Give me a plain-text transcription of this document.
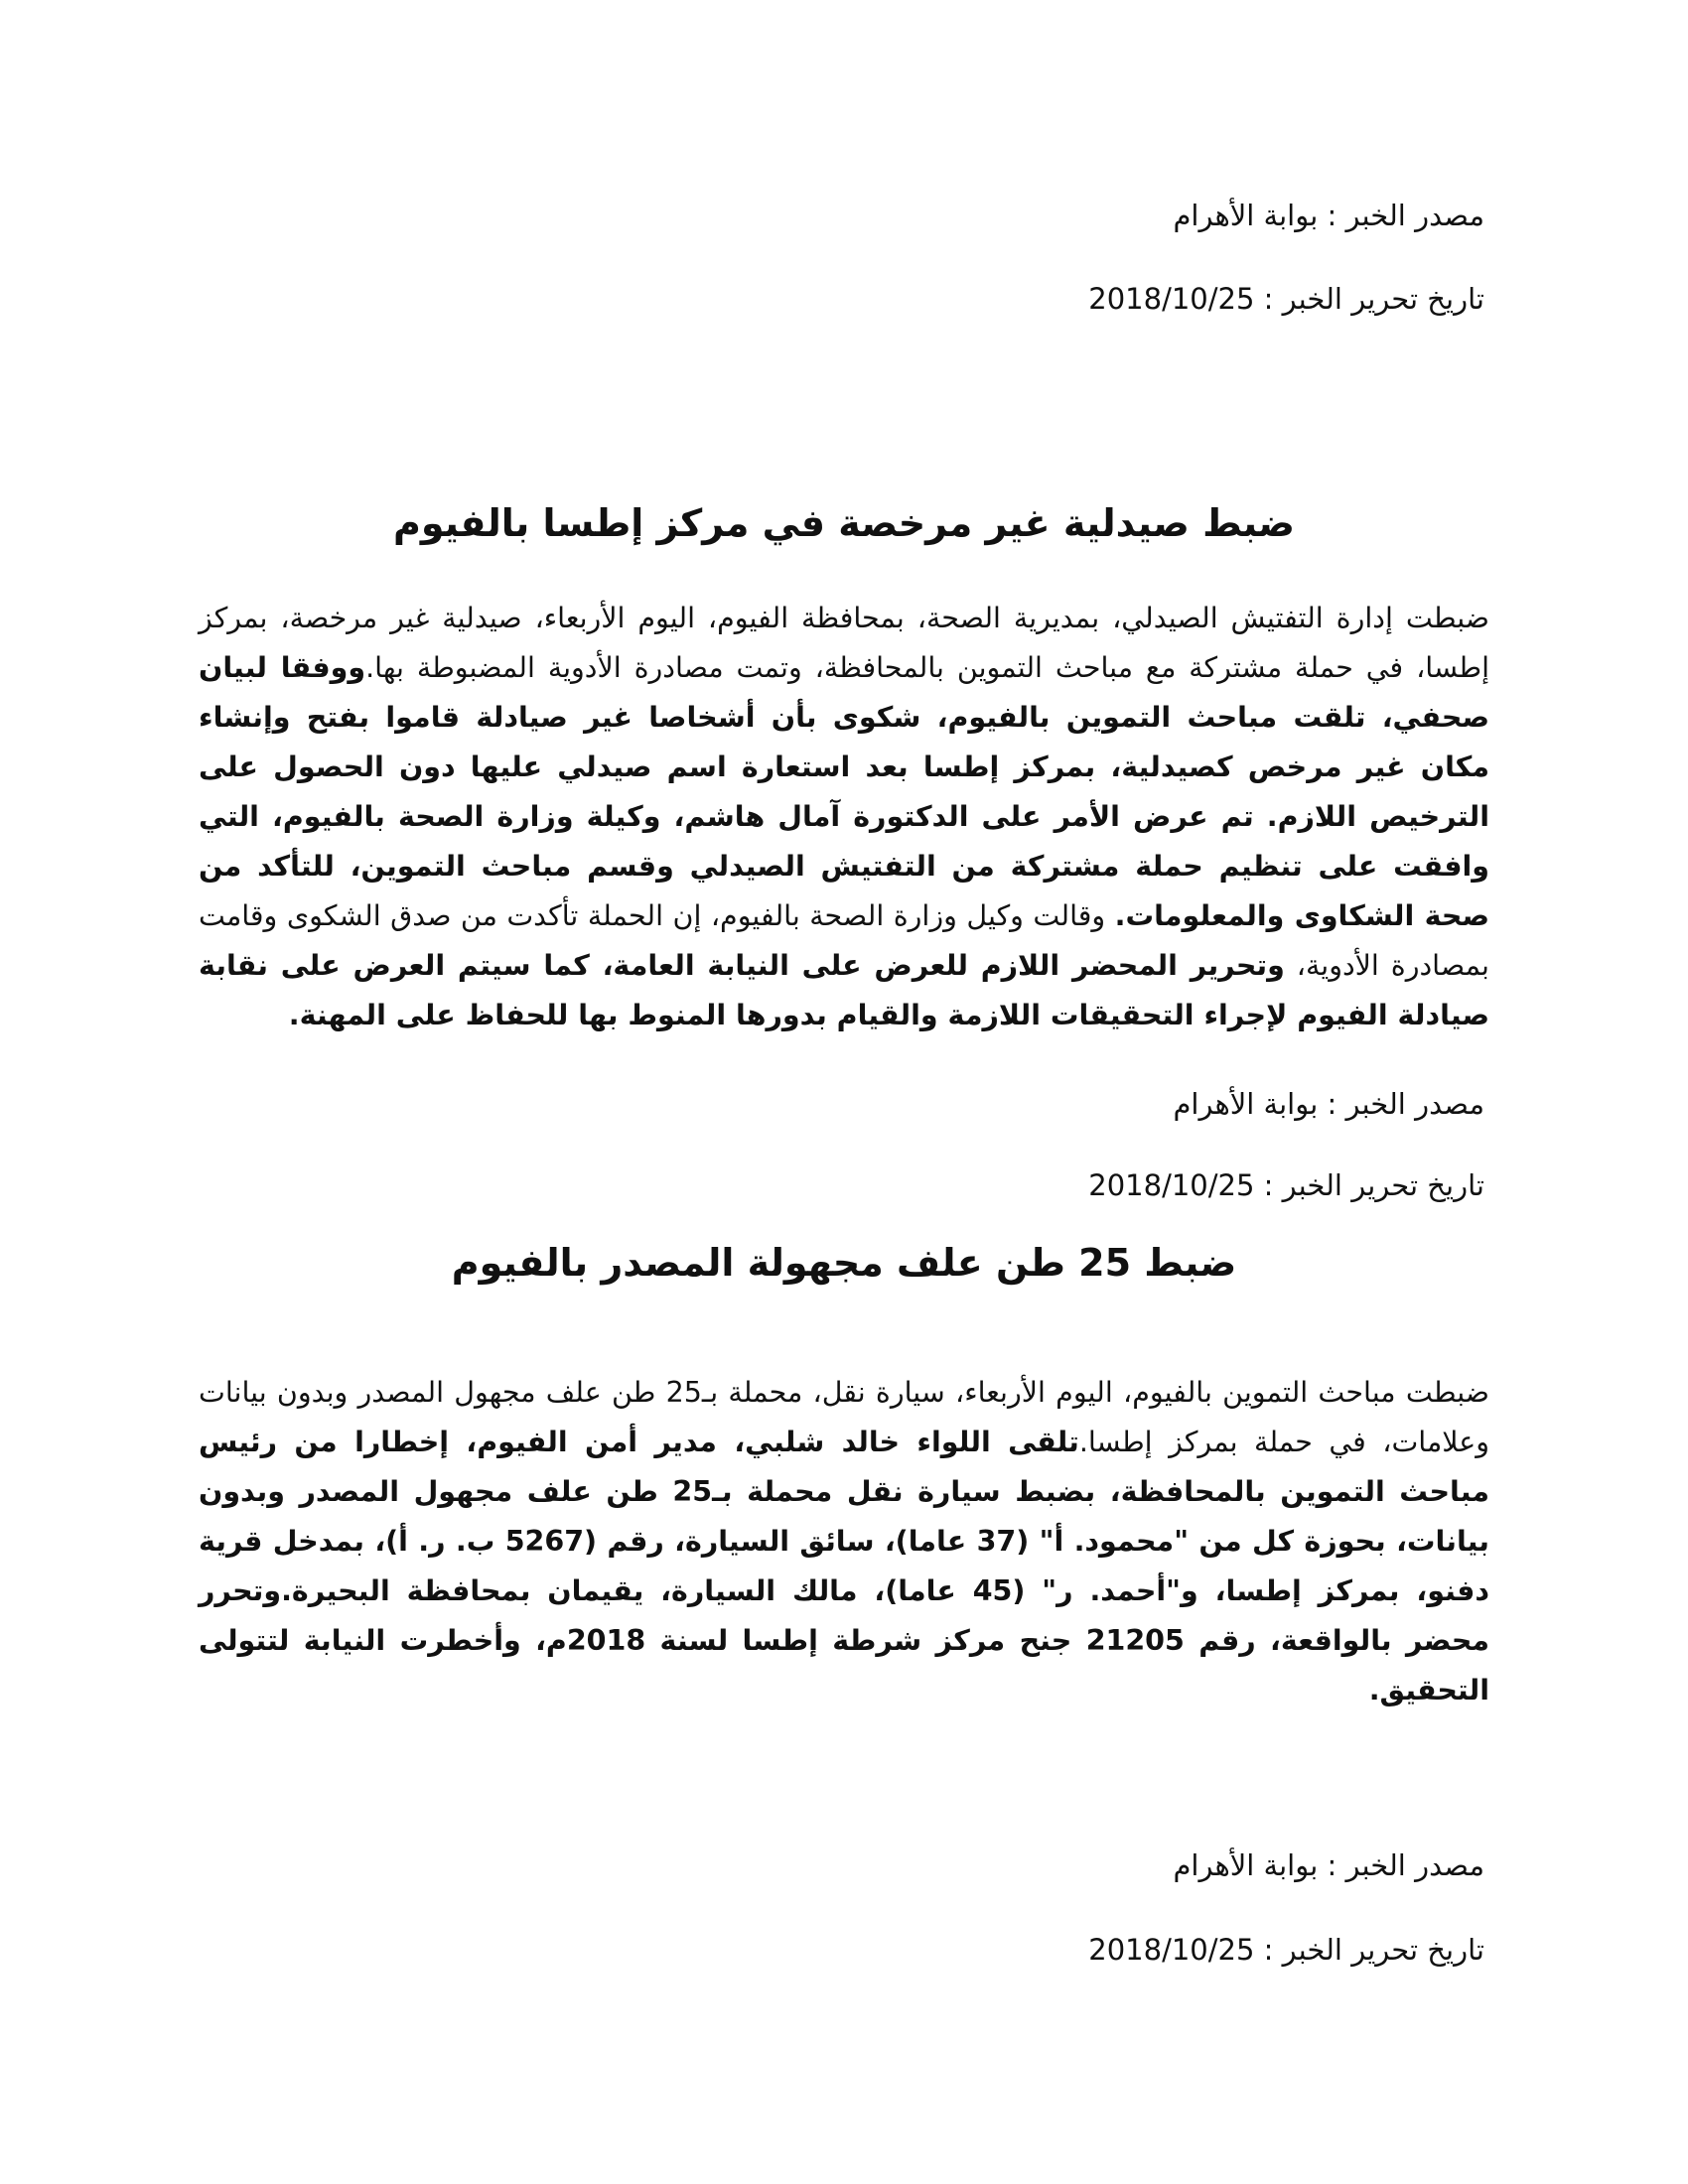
مصدر الخبر : بوابة الأهرام
تاريخ تحرير الخبر : 2018/10/25
ضبط صيدلية غير مرخصة في مركز إطسا بالفيوم

ضبطت إدارة التفتيش الصيدلي، بمديرية الصحة، بمحافظة الفيوم، اليوم الأربعاء، صيدلية غير مرخصة، بمركز إطسا، في حملة مشتركة مع مباحث التموين بالمحافظة، وتمت مصادرة الأدوية المضبوطة بها.ووفقا لبيان صحفي، تلقت مباحث التموين بالفيوم، شكوى بأن أشخاصا غير صيادلة قاموا بفتح وإنشاء مكان غير مرخص كصيدلية، بمركز إطسا بعد استعارة اسم صيدلي عليها دون الحصول على الترخيص اللازم. تم عرض الأمر على الدكتورة آمال هاشم، وكيلة وزارة الصحة بالفيوم، التي وافقت على تنظيم حملة مشتركة من التفتيش الصيدلي وقسم مباحث التموين، للتأكد من صحة الشكاوى والمعلومات. وقالت وكيل وزارة الصحة بالفيوم، إن الحملة تأكدت من صدق الشكوى وقامت بمصادرة الأدوية، وتحرير المحضر اللازم للعرض على النيابة العامة، كما سيتم العرض على نقابة صيادلة الفيوم لإجراء التحقيقات اللازمة والقيام بدورها المنوط بها للحفاظ على المهنة.

مصدر الخبر : بوابة الأهرام
تاريخ تحرير الخبر : 2018/10/25
ضبط 25 طن علف مجهولة المصدر بالفيوم

ضبطت مباحث التموين بالفيوم، اليوم الأربعاء، سيارة نقل، محملة بـ25 طن علف مجهول المصدر وبدون بيانات وعلامات، في حملة بمركز إطسا.تلقى اللواء خالد شلبي، مدير أمن الفيوم، إخطارا من رئيس مباحث التموين بالمحافظة، بضبط سيارة نقل محملة بـ25 طن علف مجهول المصدر وبدون بيانات، بحوزة كل من "محمود. أ" (37 عاما)، سائق السيارة، رقم (5267 ب. ر. أ)، بمدخل قرية دفنو، بمركز إطسا، و"أحمد. ر" (45 عاما)، مالك السيارة، يقيمان بمحافظة البحيرة.وتحرر محضر بالواقعة، رقم 21205 جنح مركز شرطة إطسا لسنة 2018م، وأخطرت النيابة لتتولى التحقيق.

مصدر الخبر : بوابة الأهرام
تاريخ تحرير الخبر : 2018/10/25
